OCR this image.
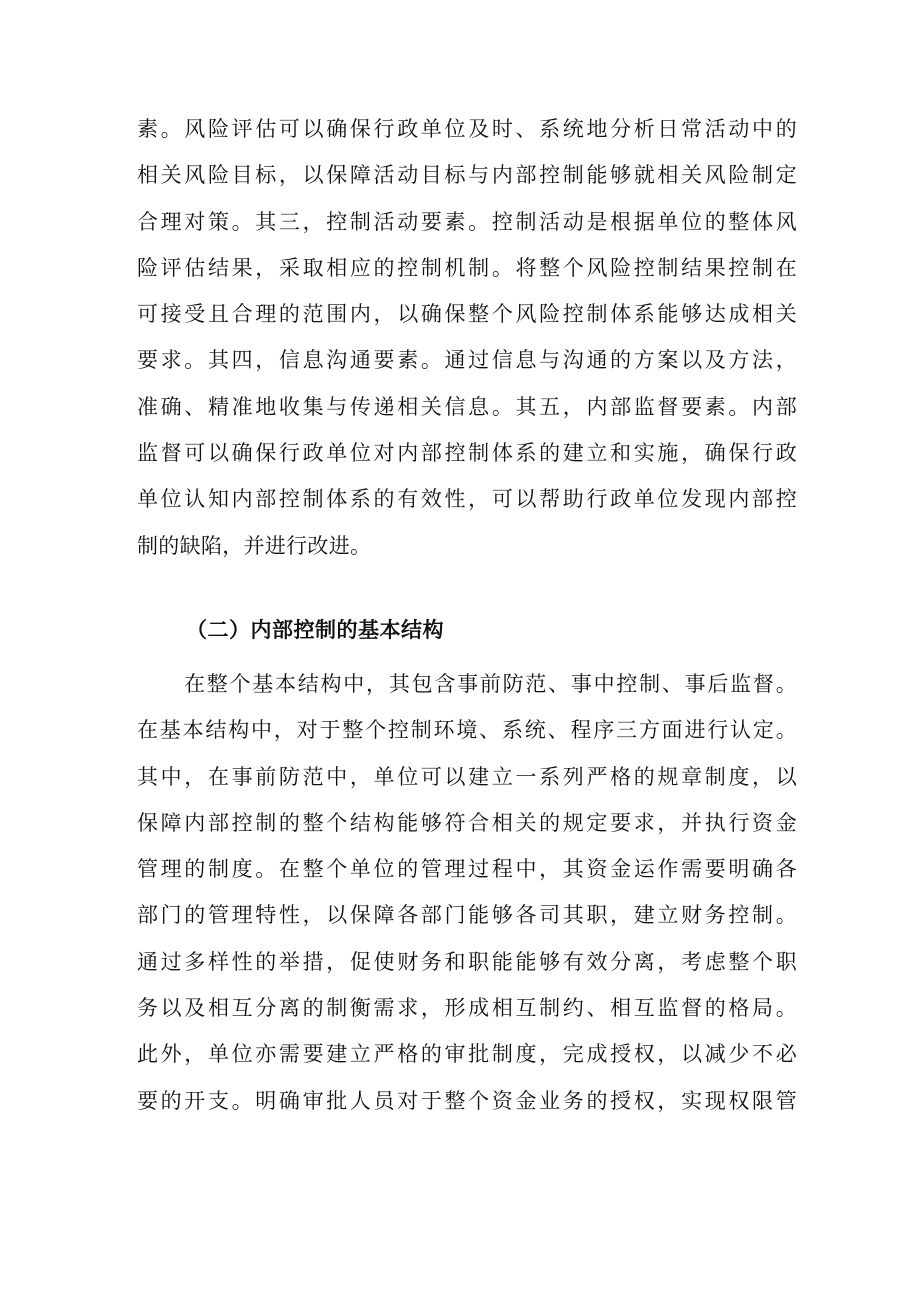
素。风险评估可以确保行政单位及时、系统地分析日常活动中的
相关风险目标，以保障活动目标与内部控制能够就相关风险制定
合理对策。其三，控制活动要素。控制活动是根据单位的整体风
险评估结果，采取相应的控制机制。将整个风险控制结果控制在
可接受且合理的范围内，以确保整个风险控制体系能够达成相关
要求。其四，信息沟通要素。通过信息与沟通的方案以及方法，
准确、精准地收集与传递相关信息。其五，内部监督要素。内部
监督可以确保行政单位对内部控制体系的建立和实施，确保行政
单位认知内部控制体系的有效性，可以帮助行政单位发现内部控
制的缺陷，并进行改进。
（二）内部控制的基本结构
在整个基本结构中，其包含事前防范、事中控制、事后监督。
在基本结构中，对于整个控制环境、系统、程序三方面进行认定。
其中，在事前防范中，单位可以建立一系列严格的规章制度，以
保障内部控制的整个结构能够符合相关的规定要求，并执行资金
管理的制度。在整个单位的管理过程中，其资金运作需要明确各
部门的管理特性，以保障各部门能够各司其职，建立财务控制。
通过多样性的举措，促使财务和职能能够有效分离，考虑整个职
务以及相互分离的制衡需求，形成相互制约、相互监督的格局。
此外，单位亦需要建立严格的审批制度，完成授权，以减少不必
要的开支。明确审批人员对于整个资金业务的授权，实现权限管
